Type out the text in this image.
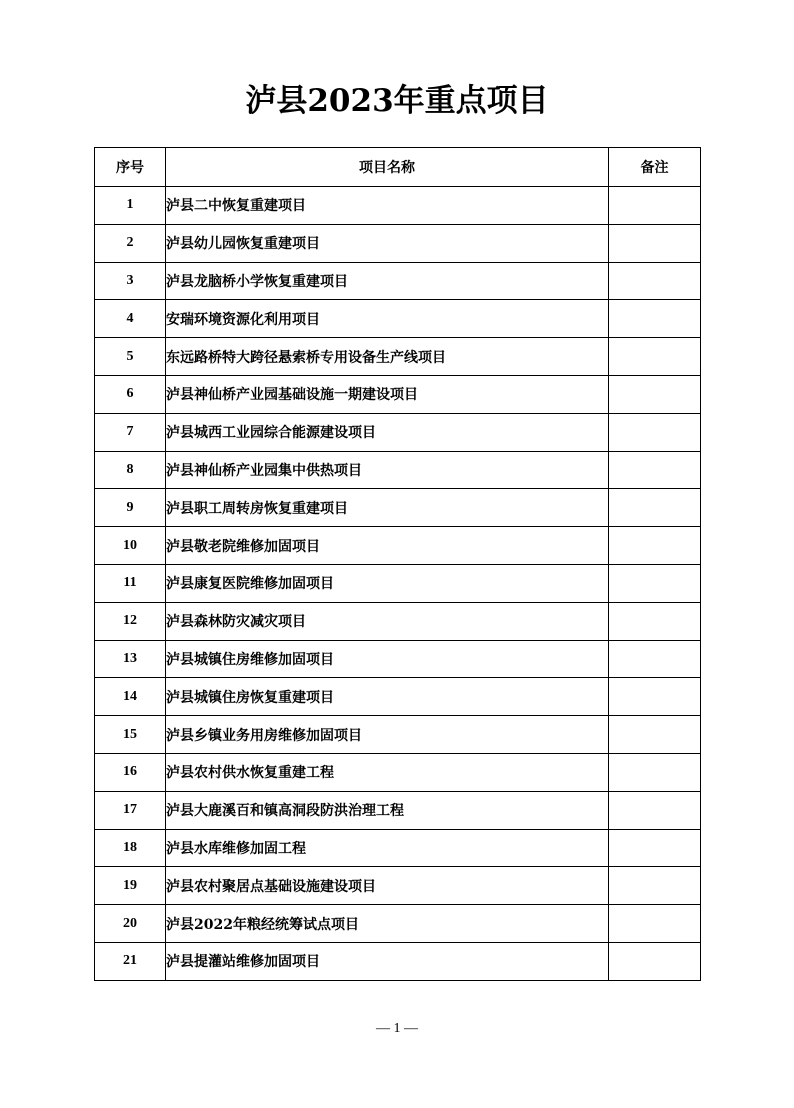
泸县2023年重点项目
序号	项目名称	备注
1	泸县二中恢复重建项目	
2	泸县幼儿园恢复重建项目	
3	泸县龙脑桥小学恢复重建项目	
4	安瑞环境资源化利用项目	
5	东远路桥特大跨径悬索桥专用设备生产线项目	
6	泸县神仙桥产业园基础设施一期建设项目	
7	泸县城西工业园综合能源建设项目	
8	泸县神仙桥产业园集中供热项目	
9	泸县职工周转房恢复重建项目	
10	泸县敬老院维修加固项目	
11	泸县康复医院维修加固项目	
12	泸县森林防灾减灾项目	
13	泸县城镇住房维修加固项目	
14	泸县城镇住房恢复重建项目	
15	泸县乡镇业务用房维修加固项目	
16	泸县农村供水恢复重建工程	
17	泸县大鹿溪百和镇高洞段防洪治理工程	
18	泸县水库维修加固工程	
19	泸县农村聚居点基础设施建设项目	
20	泸县2022年粮经统筹试点项目	
21	泸县提灌站维修加固项目	
— 1 —
